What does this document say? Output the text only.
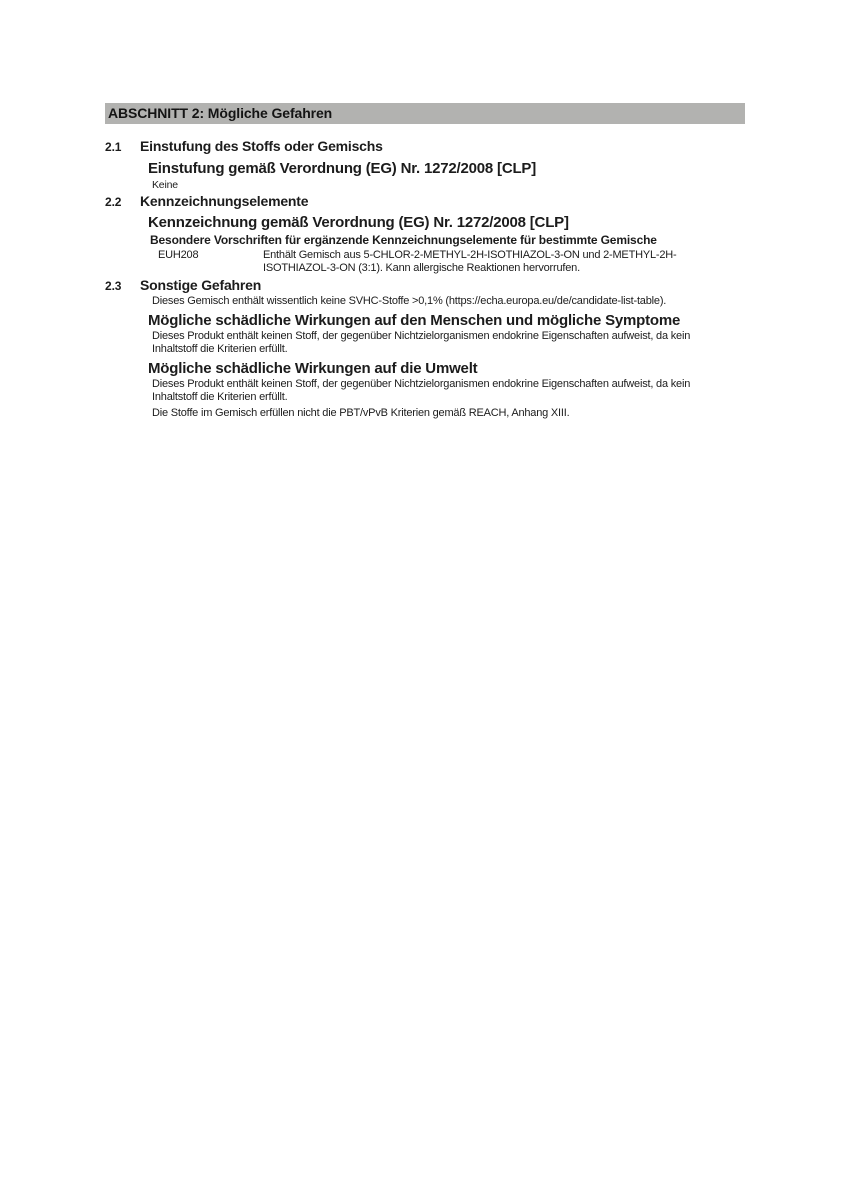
ABSCHNITT 2: Mögliche Gefahren
2.1	Einstufung des Stoffs oder Gemischs
Einstufung gemäß Verordnung (EG) Nr. 1272/2008 [CLP]
Keine
2.2	Kennzeichnungselemente
Kennzeichnung gemäß Verordnung (EG) Nr. 1272/2008 [CLP]
Besondere Vorschriften für ergänzende Kennzeichnungselemente für bestimmte Gemische
EUH208	Enthält Gemisch aus 5-CHLOR-2-METHYL-2H-ISOTHIAZOL-3-ON und 2-METHYL-2H-ISOTHIAZOL-3-ON (3:1). Kann allergische Reaktionen hervorrufen.
2.3	Sonstige Gefahren
Dieses Gemisch enthält wissentlich keine SVHC-Stoffe >0,1% (https://echa.europa.eu/de/candidate-list-table).
Mögliche schädliche Wirkungen auf den Menschen und mögliche Symptome
Dieses Produkt enthält keinen Stoff, der gegenüber Nichtzielorganismen endokrine Eigenschaften aufweist, da kein Inhaltstoff die Kriterien erfüllt.
Mögliche schädliche Wirkungen auf die Umwelt
Dieses Produkt enthält keinen Stoff, der gegenüber Nichtzielorganismen endokrine Eigenschaften aufweist, da kein Inhaltstoff die Kriterien erfüllt.
Die Stoffe im Gemisch erfüllen nicht die PBT/vPvB Kriterien gemäß REACH, Anhang XIII.
